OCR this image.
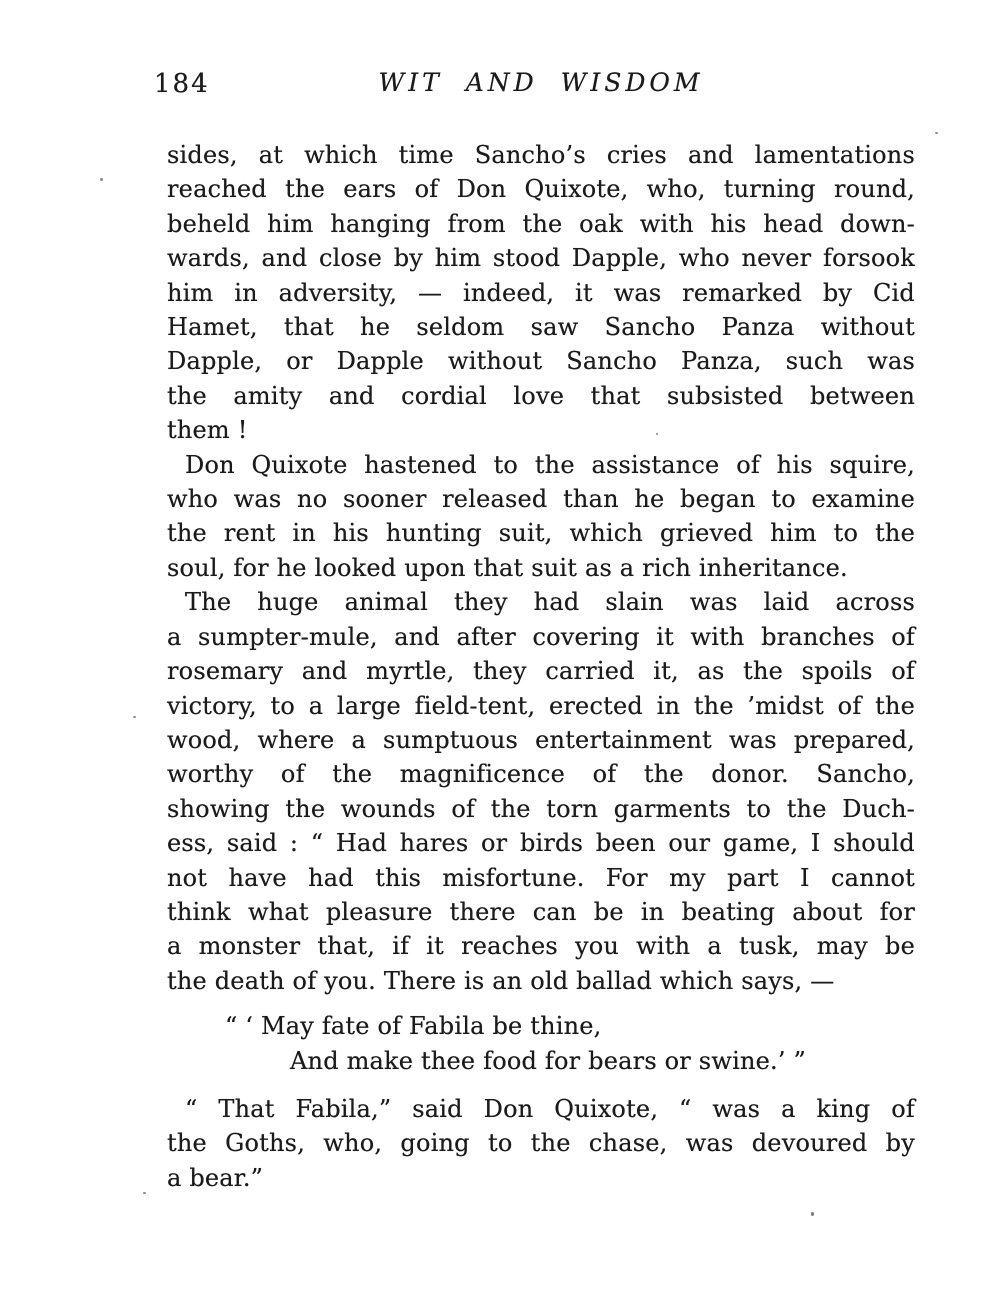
184	WIT AND WISDOM
sides, at which time Sancho’s cries and lamentations
reached the ears of Don Quixote, who, turning round,
beheld him hanging from the oak with his head down-
wards, and close by him stood Dapple, who never forsook
him in adversity, — indeed, it was remarked by Cid
Hamet, that he seldom saw Sancho Panza without
Dapple, or Dapple without Sancho Panza, such was
the amity and cordial love that subsisted between
them !
Don Quixote hastened to the assistance of his squire,
who was no sooner released than he began to examine
the rent in his hunting suit, which grieved him to the
soul, for he looked upon that suit as a rich inheritance.
The huge animal they had slain was laid across
a sumpter-mule, and after covering it with branches of
rosemary and myrtle, they carried it, as the spoils of
victory, to a large field-tent, erected in the ’midst of the
wood, where a sumptuous entertainment was prepared,
worthy of the magnificence of the donor. Sancho,
showing the wounds of the torn garments to the Duch-
ess, said : “ Had hares or birds been our game, I should
not have had this misfortune. For my part I cannot
think what pleasure there can be in beating about for
a monster that, if it reaches you with a tusk, may be
the death of you. There is an old ballad which says, —
“ ‘ May fate of Fabila be thine,
And make thee food for bears or swine.’ ”
“ That Fabila,” said Don Quixote, “ was a king of
the Goths, who, going to the chase, was devoured by
a bear.”
